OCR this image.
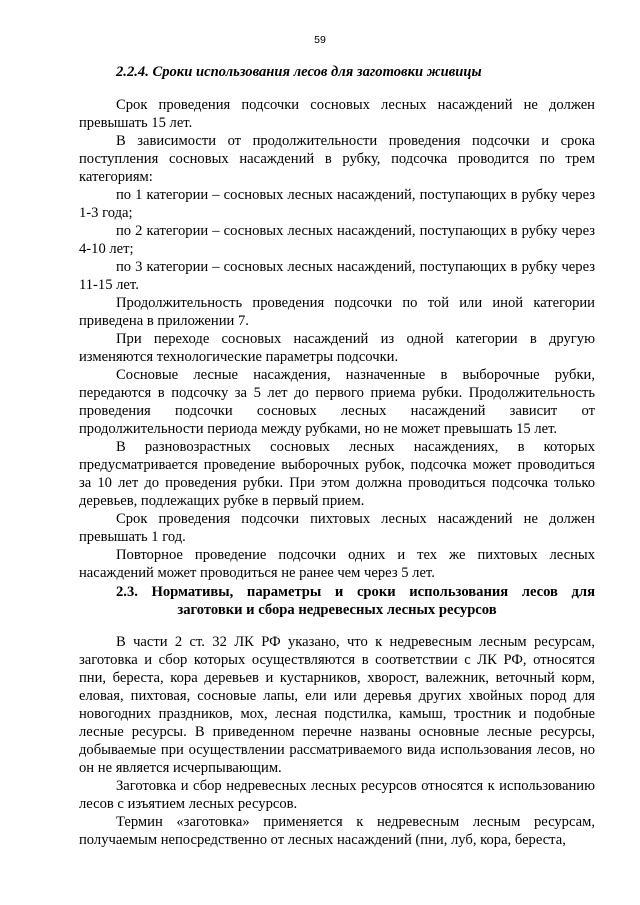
59
2.2.4. Сроки использования лесов для заготовки живицы

Срок проведения подсочки сосновых лесных насаждений не должен превышать 15 лет.

В зависимости от продолжительности проведения подсочки и срока поступления сосновых насаждений в рубку, подсочка проводится по трем категориям:

по 1 категории – сосновых лесных насаждений, поступающих в рубку через 1-3 года;

по 2 категории – сосновых лесных насаждений, поступающих в рубку через 4-10 лет;

по 3 категории – сосновых лесных насаждений, поступающих в рубку через 11-15 лет.

Продолжительность проведения подсочки по той или иной категории приведена в приложении 7.

При переходе сосновых насаждений из одной категории в другую изменяются технологические параметры подсочки.

Сосновые лесные насаждения, назначенные в выборочные рубки, передаются в подсочку за 5 лет до первого приема рубки. Продолжительность проведения подсочки сосновых лесных насаждений зависит от продолжительности периода между рубками, но не может превышать 15 лет.

В разновозрастных сосновых лесных насаждениях, в которых предусматривается проведение выборочных рубок, подсочка может проводиться за 10 лет до проведения рубки. При этом должна проводиться подсочка только деревьев, подлежащих рубке в первый прием.

Срок проведения подсочки пихтовых лесных насаждений не должен превышать 1 год.

Повторное проведение подсочки одних и тех же пихтовых лесных насаждений может проводиться не ранее чем через 5 лет.

2.3. Нормативы, параметры и сроки использования лесов для
заготовки и сбора недревесных лесных ресурсов

В части 2 ст. 32 ЛК РФ указано, что к недревесным лесным ресурсам, заготовка и сбор которых осуществляются в соответствии с ЛК РФ, относятся пни, береста, кора деревьев и кустарников, хворост, валежник, веточный корм, еловая, пихтовая, сосновые лапы, ели или деревья других хвойных пород для новогодних праздников, мох, лесная подстилка, камыш, тростник и подобные лесные ресурсы. В приведенном перечне названы основные лесные ресурсы, добываемые при осуществлении рассматриваемого вида использования лесов, но он не является исчерпывающим.

Заготовка и сбор недревесных лесных ресурсов относятся к использованию лесов с изъятием лесных ресурсов.

Термин «заготовка» применяется к недревесным лесным ресурсам, получаемым непосредственно от лесных насаждений (пни, луб, кора, береста,
